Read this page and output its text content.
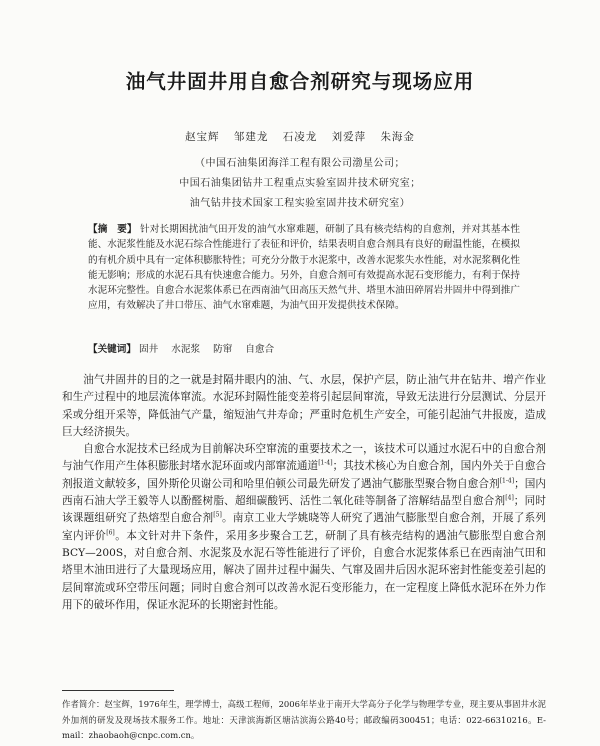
油气井固井用自愈合剂研究与现场应用
赵宝辉 邹建龙 石凌龙 刘爱萍 朱海金
（中国石油集团海洋工程有限公司渤星公司；
中国石油集团钻井工程重点实验室固井技术研究室；
油气钻井技术国家工程实验室固井技术研究室）
【摘　要】 针对长期困扰油气田开发的油气水窜难题，研制了具有核壳结构的自愈剂，并对其基本性能、水泥浆性能及水泥石综合性能进行了表征和评价，结果表明自愈合剂具有良好的耐温性能，在模拟的有机介质中具有一定体积膨胀特性；可充分分散于水泥浆中，改善水泥浆失水性能，对水泥浆稠化性能无影响；形成的水泥石具有快速愈合能力。另外，自愈合剂可有效提高水泥石变形能力，有利于保持水泥环完整性。自愈合水泥浆体系已在西南油气田高压天然气井、塔里木油田碎屑岩井固井中得到推广应用，有效解决了井口带压、油气水窜难题，为油气田开发提供技术保障。
【关键词】 固井 水泥浆 防窜 自愈合

油气井固井的目的之一就是封隔井眼内的油、气、水层，保护产层，防止油气井在钻井、增产作业和生产过程中的地层流体窜流。水泥环封隔性能变差将引起层间窜流，导致无法进行分层测试、分层开采或分组开采等，降低油气产量，缩短油气井寿命；严重时危机生产安全，可能引起油气井报废，造成巨大经济损失。

自愈合水泥技术已经成为目前解决环空窜流的重要技术之一，该技术可以通过水泥石中的自愈合剂与油气作用产生体积膨胀封堵水泥环面或内部窜流通道[1-4]；其技术核心为自愈合剂，国内外关于自愈合剂报道文献较多，国外斯伦贝谢公司和哈里伯顿公司最先研发了遇油气膨胀型聚合物自愈合剂[1-4]；国内西南石油大学王毅等人以酚醛树脂、超细碳酸钙、活性二氧化硅等制备了溶解结晶型自愈合剂[4]；同时该课题组研究了热熔型自愈合剂[5]。南京工业大学姚晓等人研究了遇油气膨胀型自愈合剂，开展了系列室内评价[6]。本文针对井下条件，采用多步聚合工艺，研制了具有核壳结构的遇油气膨胀型自愈合剂BCY—200S，对自愈合剂、水泥浆及水泥石等性能进行了评价，自愈合水泥浆体系已在西南油气田和塔里木油田进行了大量现场应用，解决了固井过程中漏失、气窜及固井后因水泥环密封性能变差引起的层间窜流或环空带压问题；同时自愈合剂可以改善水泥石变形能力，在一定程度上降低水泥环在外力作用下的破坏作用，保证水泥环的长期密封性能。

作者简介：赵宝辉，1976年生，理学博士，高级工程师，2006年毕业于南开大学高分子化学与物理学专业，现主要从事固井水泥外加剂的研发及现场技术服务工作。地址：天津滨海新区塘沽滨海公路40号；邮政编码300451；电话：022-66310216。E-mail：zhaobaoh@cnpc.com.cn。
